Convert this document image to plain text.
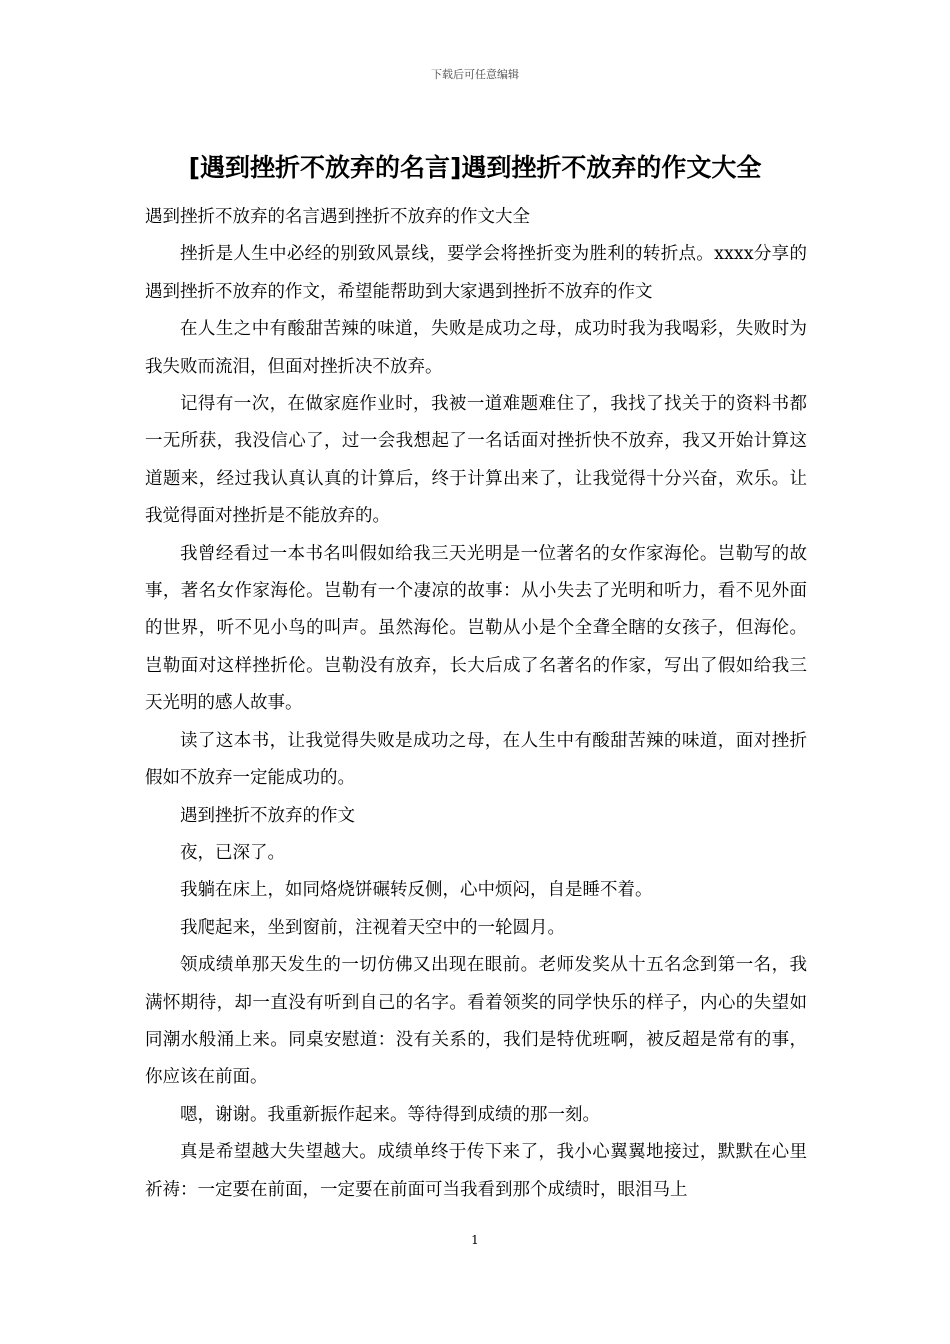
下载后可任意编辑
[遇到挫折不放弃的名言]遇到挫折不放弃的作文大全

遇到挫折不放弃的名言遇到挫折不放弃的作文大全

挫折是人生中必经的别致风景线，要学会将挫折变为胜利的转折点。xxxx分享的遇到挫折不放弃的作文，希望能帮助到大家遇到挫折不放弃的作文

在人生之中有酸甜苦辣的味道，失败是成功之母，成功时我为我喝彩，失败时为我失败而流泪，但面对挫折决不放弃。

记得有一次，在做家庭作业时，我被一道难题难住了，我找了找关于的资料书都一无所获，我没信心了，过一会我想起了一名话面对挫折快不放弃，我又开始计算这道题来，经过我认真认真的计算后，终于计算出来了，让我觉得十分兴奋，欢乐。让我觉得面对挫折是不能放弃的。

我曾经看过一本书名叫假如给我三天光明是一位著名的女作家海伦。岂勒写的故事，著名女作家海伦。岂勒有一个凄凉的故事：从小失去了光明和听力，看不见外面的世界，听不见小鸟的叫声。虽然海伦。岂勒从小是个全聋全瞎的女孩子，但海伦。岂勒面对这样挫折伦。岂勒没有放弃，长大后成了名著名的作家，写出了假如给我三天光明的感人故事。

读了这本书，让我觉得失败是成功之母，在人生中有酸甜苦辣的味道，面对挫折假如不放弃一定能成功的。

遇到挫折不放弃的作文

夜，已深了。

我躺在床上，如同烙烧饼碾转反侧，心中烦闷，自是睡不着。

我爬起来，坐到窗前，注视着天空中的一轮圆月。

领成绩单那天发生的一切仿佛又出现在眼前。老师发奖从十五名念到第一名，我满怀期待，却一直没有听到自己的名字。看着领奖的同学快乐的样子，内心的失望如同潮水般涌上来。同桌安慰道：没有关系的，我们是特优班啊，被反超是常有的事，你应该在前面。

嗯，谢谢。我重新振作起来。等待得到成绩的那一刻。

真是希望越大失望越大。成绩单终于传下来了，我小心翼翼地接过，默默在心里祈祷：一定要在前面，一定要在前面可当我看到那个成绩时，眼泪马上

1
